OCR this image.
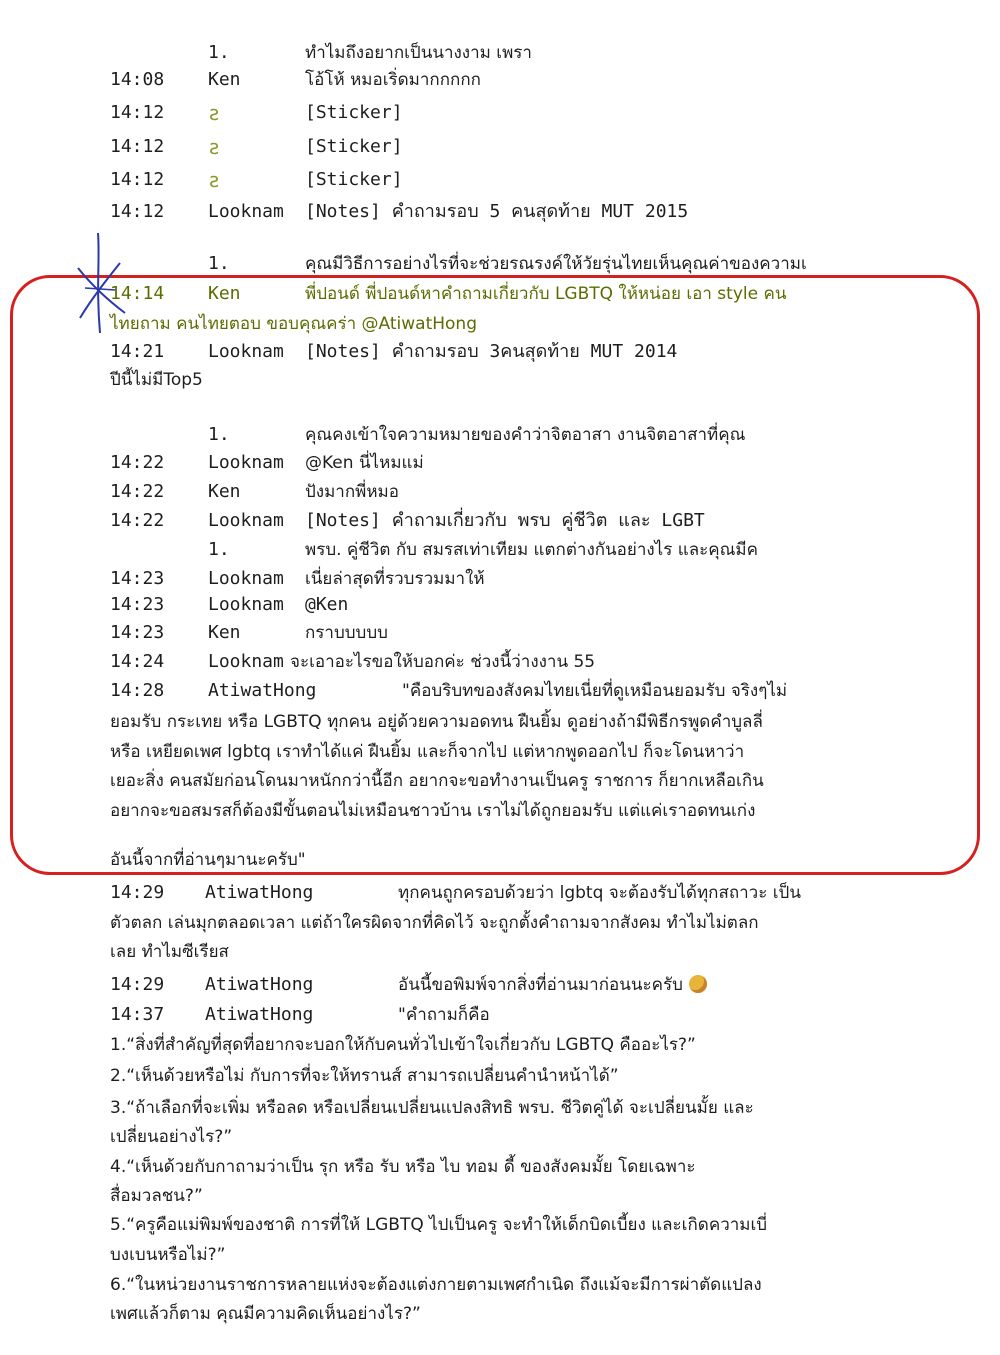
1.	ทำไมถึงอยากเป็นนางงาม เพรา
14:08 Ken	โอ้โห้ หมอเริ่ดมากกกกก
14:12 ƨ	[Sticker]
14:12 ƨ	[Sticker]
14:12 ƨ	[Sticker]
14:12 Looknam [Notes] คำถามรอบ 5 คนสุดท้าย MUT 2015
1.	คุณมีวิธีการอย่างไรที่จะช่วยรณรงค์ให้วัยรุ่นไทยเห็นคุณค่าของความเ
14:14 Ken	พี่ปอนด์ พี่ปอนด์หาคำถามเกี่ยวกับ LGBTQ ให้หน่อย เอา style คน
ไทยถาม คนไทยตอบ ขอบคุณคร่า @AtiwatHong
14:21 Looknam [Notes] คำถามรอบ 3คนสุดท้าย MUT 2014
ปีนี้ไม่มีTop5
1.	คุณคงเข้าใจความหมายของคำว่าจิตอาสา งานจิตอาสาที่คุณ
14:22 Looknam @Ken นี่ไหมแม่
14:22 Ken	ปังมากพี่หมอ
14:22 Looknam [Notes] คำถามเกี่ยวกับ พรบ คู่ชีวิต และ LGBT
1.	พรบ. คู่ชีวิต กับ สมรสเท่าเทียม แตกต่างกันอย่างไร และคุณมีค
14:23 Looknam เนี่ยล่าสุดที่รวบรวมมาให้
14:23 Looknam @Ken
14:23 Ken	กราบบบบบ
14:24 Looknam จะเอาอะไรขอให้บอกค่ะ ช่วงนี้ว่างงาน 55
14:28 AtiwatHong	"คือบริบทของสังคมไทยเนี่ยที่ดูเหมือนยอมรับ จริงๆไม่
ยอมรับ กระเทย หรือ LGBTQ ทุกคน อยู่ด้วยความอดทน ฝืนยิ้ม ดูอย่างถ้ามีพิธีกรพูดคำบูลลี่
หรือ เหยียดเพศ lgbtq เราทำได้แค่ ฝืนยิ้ม และก็จากไป แต่หากพูดออกไป ก็จะโดนหาว่า
เยอะสิ่ง คนสมัยก่อนโดนมาหนักกว่านี้อีก อยากจะขอทำงานเป็นครู ราชการ ก็ยากเหลือเกิน
อยากจะขอสมรสก็ต้องมีขั้นตอนไม่เหมือนชาวบ้าน เราไม่ได้ถูกยอมรับ แต่แค่เราอดทนเก่ง
อันนี้จากที่อ่านๆมานะครับ"
14:29 AtiwatHong	ทุกคนถูกครอบด้วยว่า lgbtq จะต้องรับได้ทุกสถาวะ เป็น
ตัวตลก เล่นมุกตลอดเวลา แต่ถ้าใครผิดจากที่คิดไว้ จะถูกตั้งคำถามจากสังคม ทำไมไม่ตลก
เลย ทำไมซีเรียส
14:29 AtiwatHong	อันนี้ขอพิมพ์จากสิ่งที่อ่านมาก่อนนะครับ
14:37 AtiwatHong	"คำถามก็คือ
1.“สิ่งที่สำคัญที่สุดที่อยากจะบอกให้กับคนทั่วไปเข้าใจเกี่ยวกับ LGBTQ คืออะไร?”
2.“เห็นด้วยหรือไม่ กับการที่จะให้ทรานส์ สามารถเปลี่ยนคำนำหน้าได้”
3.“ถ้าเลือกที่จะเพิ่ม หรือลด หรือเปลี่ยนเปลี่ยนแปลงสิทธิ พรบ. ชีวิตคู่ได้ จะเปลี่ยนมั้ย และ
เปลี่ยนอย่างไร?”
4.“เห็นด้วยกับกาถามว่าเป็น รุก หรือ รับ หรือ ไบ ทอม ดี้ ของสังคมมั้ย โดยเฉพาะ
สื่อมวลชน?”
5.“ครูคือแม่พิมพ์ของชาติ การที่ให้ LGBTQ ไปเป็นครู จะทำให้เด็กบิดเบี้ยง และเกิดความเบี่
บงเบนหรือไม่?”
6.“ในหน่วยงานราชการหลายแห่งจะต้องแต่งกายตามเพศกำเนิด ถึงแม้จะมีการผ่าตัดแปลง
เพศแล้วก็ตาม คุณมีความคิดเห็นอย่างไร?”
